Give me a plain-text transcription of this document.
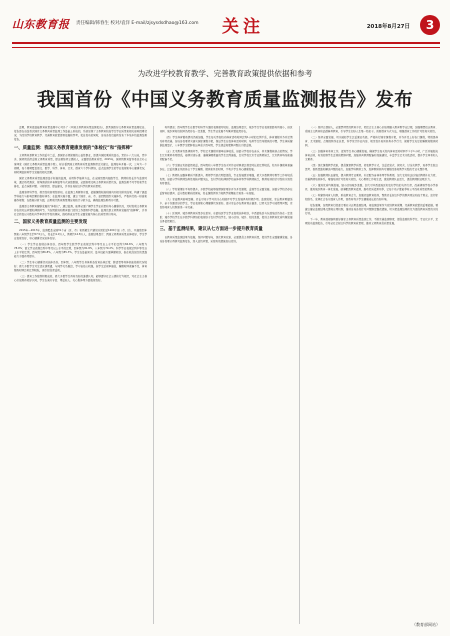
山东教育报 责任编辑/韩春生 校对/袁洋 E-mail/zjsysdsdhao@163.com 关注	2018年8月27日	3
为改进学校教育教学、完善教育政策提供依据和参考
我国首份《中国义务教育质量监测报告》发布

近期，教育部基础教育质量监测中心对外了《中国义务教育质量监测报告》，是我国首份义务教育质量监测报告。报告是在总结首次国家义务教育质量监测工作基础上形成的，系统呈现了义务教育阶段学生学业质量和相关影响因素状况，为改进学校教育教学、完善教育政策提供依据和参考。报告发布的同时，各地各校也陆续发布了本地本校监测结果报告。

一、质量监测：我国义务教育健康发展的“体检仪”和“指挥棒”

义务教育是教育工作的重中之重，是国家必须保障的公益性事业，是提升国民素质的基石。党的十八大以来，党中央、国务院高度重视义务教育质量，提出要坚持立德树人，全面提高教育质量。2015年，国务院教育督导委员会办公室印发《国家义务教育质量监测方案》，标志着我国义务教育质量监测制度正式建立。监测每年开展一次，三年为一个周期，每个周期覆盖语文、数学、科学、体育、艺术、德育六个学科领域，重点监测学生的学业表现和身心健康状况，同时调查影响学生发展的相关因素。

国家义务教育质量监测是基于标准的监测，采用科学抽样方法，在全国范围内抽取学生、教师和校长作为监测对象，通过纸笔测试、现场测试和问卷调查等方式获取数据，全面客观反映义务教育质量状况。监测结果不对学校和学生排名，重点诊断问题、分析原因、提出建议，引导各地树立科学的教育质量观。

监测坚持科学性、规范性和客观性原则。在监测工具研制方面，依据课程标准和国内外相关研究成果，构建了涵盖学科能力与影响因素的指标体系；在监测实施方面，建立了国家、省、市、县四级组织实施体系，严格执行统一标准和操作规程；在数据分析方面，运用现代教育测量理论和统计分析方法，确保监测结果真实可靠。

监测是义务教育健康发展的“体检仪”。通过监测，能够全面了解学生学业质量和身心健康状况，及时发现义务教育存在的突出问题和薄弱环节，为各级政府和教育部门改进工作提供科学依据。监测也是义务教育发展的“指挥棒”，引导社会转变以分数和升学率评价学校的倾向，推动形成以学生全面发展为核心的质量评价导向。

二、国家义务教育质量监测的主要发现

2015年—2017年，监测覆盖全国31个省（区、市）和新疆生产建设兵团的近1200个县（市、区），共抽取四年级和八年级学生约57.5万人，校长约1.9万人，教师约14.8万人。监测结果显示：我国义务教育质量总体较好，学生学业表现良好，身心健康状况总体良好。

（一）学生学业表现总体良好。四年级学生数学学业表现达到中等及以上水平的比例为84.6%，八年级为78.9%；语文学业表现达到中等及以上水平的比例，四年级为81.8%，八年级为79.2%；科学学业表现达到中等及以上水平的比例，四年级为86.8%，八年级为85.3%。学生在基础知识、基本技能方面掌握较好，但在较高层次的思维能力方面有待提升。

（二）学生身心健康状况总体良好。四年级、八年级学生身体形态发育总体正常，肺活量等身体机能指标状况较好；绝大多数学生对生活充满希望，与同学关系融洽，学习自信心较强。但学生近视率偏高，睡眠时间普遍不足，体育锻炼时间达标比例较低，需引起高度重视。

（三）德育工作取得积极成效。绝大多数学生具有良好的道德认知，能够遵守社会公德和行为规范，对社会主义核心价值观有较好认同。学生在诚实守信、尊重他人、关心集体等方面表现良好。

有所提高；四年级学生在数学和科学方面的表现相对较好。监测结果显示，城乡学生学业表现差距有所缩小，但区域间、城乡间和校际间仍然存在一定差距，学生学业发展不均衡问题依然存在。

（四）学生体育锻炼情况仍需加强。学生每天参加校内体育活动时间达到1小时的比例不高，体育课程开齐开足情况有待改善。各地各校要切实落实国家课程方案，保证学生在校体育活动时间，培养学生终身锻炼的习惯。学生体质健康监测显示，八年级学生肥胖检出率高于四年级，学生超重和肥胖问题应引起重视。

（五）艺术教育仍是薄弱环节。学校艺术课程开课率总体较高，但部分学校存在音乐、美术课程被挤占的情况。学生艺术素养有待提高，能够识读乐谱、准确演唱歌曲的学生比例偏低，农村学校艺术专业教师缺乏，艺术教育场地和器材配备不足。

（六）学生课业负担依然较重。四年级和八年级学生每天写作业时间超过规定时长的比例较高，校外补课现象普遍存在。过重的课业负担挤占了学生睡眠、锻炼和休息时间，不利于学生身心健康发展。

（七）教师队伍整体素质不断提升。教师学历层次明显提高，专业发展意识增强，绝大多数教师对教学工作有较高热情。但部分学科教师结构性短缺问题突出，农村学校和薄弱学校音体美等学科教师缺乏，教师培训的针对性和实效性有待提高。

（八）学校管理水平有待提升。多数学校能够按照国家要求开齐开足课程，重视学生全面发展。但部分学校仍存在重智育轻德育、重分数轻素质的倾向，校长课程领导力和教学管理能力需进一步加强。

（九）家庭教育影响显著。家长对孩子学习的关心和陪伴对学生发展具有积极作用。监测发现，家长教育期望适中、亲子沟通良好的学生，学业表现和心理健康状况更好。部分家长存在教育观念偏差、过度关注学习成绩等问题，家校协同育人机制需进一步完善。

（十）区域间、城乡间教育质量存在差异。东部地区学生学业表现总体较好，中西部地区与东部地区仍存在一定差距；城市学校学生在多数学科领域的表现好于农村学校学生。缩小区域、城乡、校际差距，促进义务教育优质均衡发展任务依然艰巨。

三、基于监测结果，建议从七方面进一步提升教育质量

以教育质量监测结果为依据，坚持问题导向，深化教育改革，全面提高义务教育质量，促进学生全面健康发展。各地各校要认真研究监测报告，深入查找问题，采取有效措施加以改进。

（一）坚持立德树人，全面贯彻党的教育方针。把社会主义核心价值观融入教育教学全过程，加强理想信念教育、爱国主义教育和品德修养教育，引导学生扣好人生第一粒扣子。创新德育方式方法，增强德育工作的针对性和实效性。

（二）坚持全面发展，切实减轻学生过重课业负担。严格执行国家课程方案，开齐开足上好各门课程，特别是体育、艺术课程。合理控制作业总量，科学设计作业内容，规范校外培训机构办学行为，保障学生充足的睡眠和锻炼时间。

（三）加强体育美育工作，促进学生身心健康发展。确保学生每天校内体育活动时间不少于1小时，广泛开展阳光体育运动，有效控制学生近视和肥胖问题。加强美育教师配备和设施建设，丰富学生艺术实践活动，提升学生审美和人文素养。

（四）深化课程教学改革，提高课堂教学质量。转变教学方式，注重启发式、探究式、讨论式教学，培养学生独立思考、创新思维和解决问题的能力。加强学科教研工作，发挥教研机构对课程改革和教学实践的专业支撑作用。

（五）加强教师队伍建设，提升教师专业素养。补足配齐音体美等学科教师，加大农村和边远地区教师补充力度。完善教师培训体系，增强培训针对性和实效性。关心教师工作和生活，激发教师队伍活力，提高教师职业吸引力。

（六）推进优质均衡发展，缩小区域城乡差距。加大对中西部地区和农村学校的支持力度，改善薄弱学校办学条件，推进城乡教育一体化发展。统筹配置教育资源，推动优质资源共享，让每个孩子都能享有公平而有质量的教育。

（七）构建协同育人机制，形成教育合力。加强家庭教育指导，帮助家长树立科学的教育观念和成才观念。密切家校联系，发挥社会各方面育人作用，营造有利于学生健康成长的良好环境。

报告强调，各级教育行政部门要充分运用监测结果，将监测结果作为改进教育管理、完善教育政策的重要依据。要建立健全监测结果反馈和应用机制，推动各地各校针对问题制定整改措施，切实把监测结果转化为提高教育质量的实际行动。

下一步，教育部将继续做好国家义务教育质量监测工作，不断完善监测制度，提高监测的科学化、专业化水平，定期发布监测报告，引导全社会树立科学的教育质量观，推动义务教育高质量发展。

（教育部网站）
